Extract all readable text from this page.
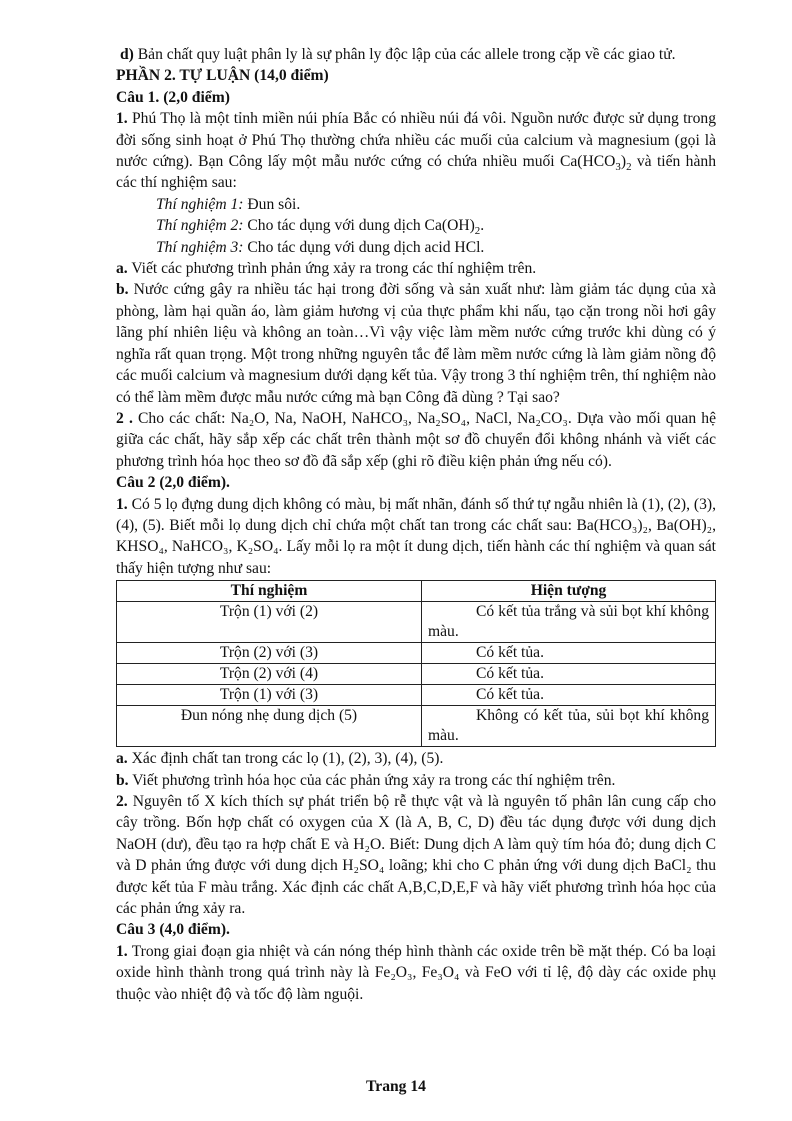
d) Bản chất quy luật phân ly là sự phân ly độc lập của các allele trong cặp về các giao tử.

PHẦN 2. TỰ LUẬN (14,0 điểm)

Câu 1. (2,0 điểm)

1. Phú Thọ là một tỉnh miền núi phía Bắc có nhiều núi đá vôi. Nguồn nước được sử dụng trong đời sống sinh hoạt ở Phú Thọ thường chứa nhiều các muối của calcium và magnesium (gọi là nước cứng). Bạn Công lấy một mẫu nước cứng có chứa nhiều muối $Ca(HCO_3)_2$ và tiến hành các thí nghiệm sau:

Thí nghiệm 1: Đun sôi.

Thí nghiệm 2: Cho tác dụng với dung dịch $Ca(OH)_2$.

Thí nghiệm 3: Cho tác dụng với dung dịch acid HCl.

a. Viết các phương trình phản ứng xảy ra trong các thí nghiệm trên.

b. Nước cứng gây ra nhiều tác hại trong đời sống và sản xuất như: làm giảm tác dụng của xà phòng, làm hại quần áo, làm giảm hương vị của thực phẩm khi nấu, tạo cặn trong nồi hơi gây lãng phí nhiên liệu và không an toàn…Vì vậy việc làm mềm nước cứng trước khi dùng có ý nghĩa rất quan trọng. Một trong những nguyên tắc để làm mềm nước cứng là làm giảm nồng độ các muối calcium và magnesium dưới dạng kết tủa. Vậy trong 3 thí nghiệm trên, thí nghiệm nào có thể làm mềm được mẫu nước cứng mà bạn Công đã dùng ? Tại sao?

2 . Cho các chất: Na₂O, Na, NaOH, NaHCO₃, Na₂SO₄, NaCl, Na₂CO₃. Dựa vào mối quan hệ giữa các chất, hãy sắp xếp các chất trên thành một sơ đồ chuyển đổi không nhánh và viết các phương trình hóa học theo sơ đồ đã sắp xếp (ghi rõ điều kiện phản ứng nếu có).

Câu 2 (2,0 điểm).

1. Có 5 lọ đựng dung dịch không có màu, bị mất nhãn, đánh số thứ tự ngẫu nhiên là (1), (2), (3), (4), (5). Biết mỗi lọ dung dịch chỉ chứa một chất tan trong các chất sau: Ba(HCO₃)₂, Ba(OH)₂, KHSO₄, NaHCO₃, K₂SO₄. Lấy mỗi lọ ra một ít dung dịch, tiến hành các thí nghiệm và quan sát thấy hiện tượng như sau:

Thí nghiệm	Hiện tượng
Trộn (1) với (2)	Có kết tủa trắng và sủi bọt khí không màu.
Trộn (2) với (3)	Có kết tủa.
Trộn (2) với (4)	Có kết tủa.
Trộn (1) với (3)	Có kết tủa.
Đun nóng nhẹ dung dịch (5)	Không có kết tủa, sủi bọt khí không màu.

a. Xác định chất tan trong các lọ (1), (2), 3), (4), (5).

b. Viết phương trình hóa học của các phản ứng xảy ra trong các thí nghiệm trên.

2. Nguyên tố X kích thích sự phát triển bộ rễ thực vật và là nguyên tố phân lân cung cấp cho cây trồng. Bốn hợp chất có oxygen của X (là A, B, C, D) đều tác dụng được với dung dịch NaOH (dư), đều tạo ra hợp chất E và H₂O. Biết: Dung dịch A làm quỳ tím hóa đỏ; dung dịch C và D phản ứng được với dung dịch H₂SO₄ loãng; khi cho C phản ứng với dung dịch BaCl₂ thu được kết tủa F màu trắng. Xác định các chất A,B,C,D,E,F và hãy viết phương trình hóa học của các phản ứng xảy ra.

Câu 3 (4,0 điểm).

1. Trong giai đoạn gia nhiệt và cán nóng thép hình thành các oxide trên bề mặt thép. Có ba loại oxide hình thành trong quá trình này là Fe₂O₃, Fe₃O₄ và FeO với tỉ lệ, độ dày các oxide phụ thuộc vào nhiệt độ và tốc độ làm nguội.

Trang 14
